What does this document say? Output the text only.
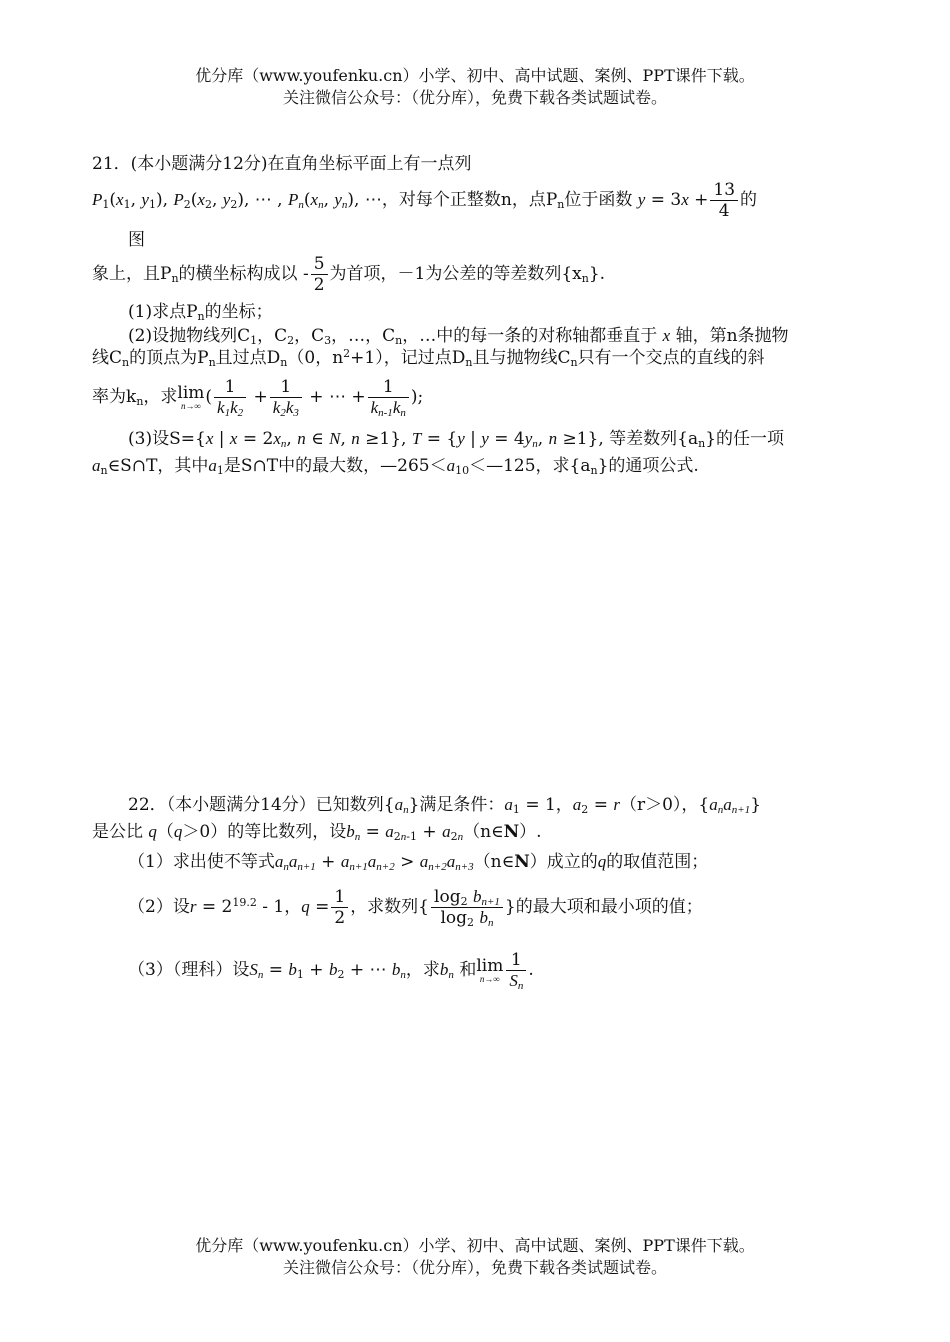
优分库（www.youfenku.cn）小学、初中、高中试题、案例、PPT课件下载。
关注微信公众号：（优分库），免费下载各类试题试卷。
21．(本小题满分12分)在直角坐标平面上有一点列
$P_1(x_1$, $y_1$), $P_2(x_2$, $y_2$), ⋯ , $P_n(x_n$, $y_n$), ⋯，对每个正整数n，点$P_n$位于函数 $y = 3x + \frac{13}{4}$ 的
图
象上，且$P_n$的横坐标构成以 - $\frac{5}{2}$ 为首项，－1为公差的等差数列$\{x_n\}$.
(1)求点$P_n$的坐标；
(2)设抛物线列$C_1$，$C_2$，$C_3$，…，$C_n$，…中的每一条的对称轴都垂直于 x 轴，第n条抛物
线$C_n$的顶点为$P_n$且过点$D_n(0$，$n^2+1$），记过点$D_n$且与抛物线$C_n$只有一个交点的直线的斜
率为$k_n$，求 lim
n→∞ ( $\frac{1}{k_1k_2} + \frac{1}{k_2k_3}$ + ⋯ + $\frac{1}{k_{n-1}k_n}$ );
(3)设S={x | $x = 2x_n$, n ∈ N, n ≥1}, T = {y | $y = 4y_n$, n ≥1}, 等差数列$\{a_n\}$的任一项
$a_n\in S\cap T$，其中$a_1$是S∩T中的最大数，$—265<a_{10}<—125$，求$\{a_n\}$的通项公式.
22．（本小题满分14分）已知数列$\{a_n\}$满足条件：$a_1 = 1$，$a_2 = r(r>0)$，$\{a_na_{n+1}\}$
是公比 q（q＞0）的等比数列，设$b_n = a_{2n-1}$ + $a_{2n}(n\in N)$.
（1）求出使不等式$a_na_{n+1} + a_{n+1}a_{n+2}$ > $a_{n+2}a_{n+3}(n\in N)$成立的q的取值范围；
（2）设$r = 2^{19.2} - 1$，$q = \frac{1}{2}$ ，求数列{ $\frac{\log_2 b_{n+1}}{\log_2 b_n}$ }的最大项和最小项的值；
（3）（理科）设$S_n = b_1 + b_2$ + ⋯ $b_n$，求$b_n$ 和 lim
$n\to\infty \frac{1}{S_n}$ .
优分库（www.youfenku.cn）小学、初中、高中试题、案例、PPT课件下载。
关注微信公众号：（优分库），免费下载各类试题试卷。
